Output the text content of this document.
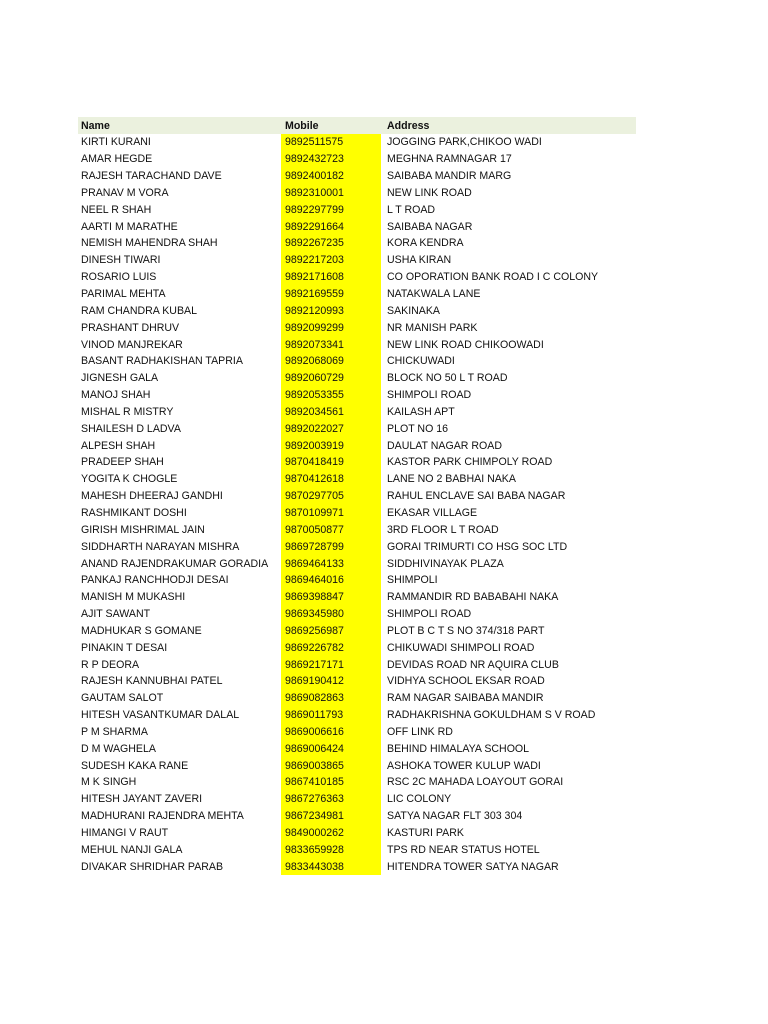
Name	Mobile	Address
KIRTI KURANI	9892511575	JOGGING PARK,CHIKOO WADI
AMAR HEGDE	9892432723	MEGHNA RAMNAGAR 17
RAJESH TARACHAND DAVE	9892400182	SAIBABA MANDIR MARG
PRANAV M VORA	9892310001	NEW LINK ROAD
NEEL R SHAH	9892297799	L T ROAD
AARTI M MARATHE	9892291664	SAIBABA NAGAR
NEMISH MAHENDRA SHAH	9892267235	KORA KENDRA
DINESH TIWARI	9892217203	USHA KIRAN
ROSARIO LUIS	9892171608	CO OPORATION BANK ROAD I C COLONY
PARIMAL MEHTA	9892169559	NATAKWALA LANE
RAM CHANDRA KUBAL	9892120993	SAKINAKA
PRASHANT DHRUV	9892099299	NR MANISH PARK
VINOD MANJREKAR	9892073341	NEW LINK ROAD CHIKOOWADI
BASANT RADHAKISHAN TAPRIA	9892068069	CHICKUWADI
JIGNESH GALA	9892060729	BLOCK NO 50 L T ROAD
MANOJ SHAH	9892053355	SHIMPOLI ROAD
MISHAL R MISTRY	9892034561	KAILASH APT
SHAILESH D LADVA	9892022027	PLOT NO 16
ALPESH SHAH	9892003919	DAULAT NAGAR ROAD
PRADEEP SHAH	9870418419	KASTOR PARK CHIMPOLY ROAD
YOGITA K CHOGLE	9870412618	LANE NO 2 BABHAI NAKA
MAHESH DHEERAJ GANDHI	9870297705	RAHUL ENCLAVE SAI BABA NAGAR
RASHMIKANT DOSHI	9870109971	EKASAR VILLAGE
GIRISH MISHRIMAL JAIN	9870050877	3RD FLOOR L T ROAD
SIDDHARTH NARAYAN MISHRA	9869728799	GORAI TRIMURTI CO HSG SOC LTD
ANAND RAJENDRAKUMAR GORADIA	9869464133	SIDDHIVINAYAK PLAZA
PANKAJ RANCHHODJI DESAI	9869464016	SHIMPOLI
MANISH M MUKASHI	9869398847	RAMMANDIR RD BABABAHI NAKA
AJIT SAWANT	9869345980	SHIMPOLI ROAD
MADHUKAR S GOMANE	9869256987	PLOT B C T S NO 374/318 PART
PINAKIN T DESAI	9869226782	CHIKUWADI SHIMPOLI ROAD
R P DEORA	9869217171	DEVIDAS ROAD NR AQUIRA CLUB
RAJESH KANNUBHAI PATEL	9869190412	VIDHYA SCHOOL EKSAR ROAD
GAUTAM SALOT	9869082863	RAM NAGAR SAIBABA MANDIR
HITESH VASANTKUMAR DALAL	9869011793	RADHAKRISHNA GOKULDHAM S V ROAD
P M SHARMA	9869006616	OFF LINK RD
D M WAGHELA	9869006424	BEHIND HIMALAYA SCHOOL
SUDESH KAKA RANE	9869003865	ASHOKA TOWER KULUP WADI
M K SINGH	9867410185	RSC 2C MAHADA LOAYOUT GORAI
HITESH JAYANT ZAVERI	9867276363	LIC COLONY
MADHURANI RAJENDRA MEHTA	9867234981	SATYA NAGAR FLT 303 304
HIMANGI V RAUT	9849000262	KASTURI PARK
MEHUL NANJI GALA	9833659928	TPS RD NEAR STATUS HOTEL
DIVAKAR SHRIDHAR PARAB	9833443038	HITENDRA TOWER SATYA NAGAR
